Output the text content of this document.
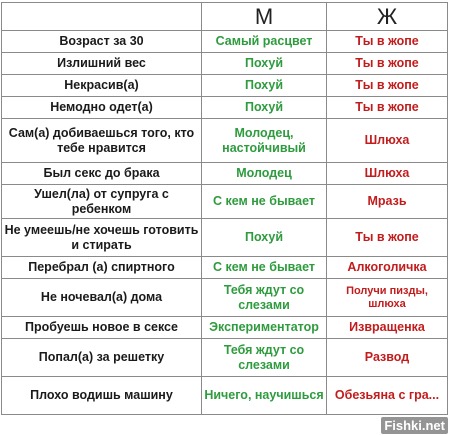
	М	Ж
Возраст за 30	Самый расцвет	Ты в жопе
Излишний вес	Похуй	Ты в жопе
Некрасив(а)	Похуй	Ты в жопе
Немодно одет(а)	Похуй	Ты в жопе
Сам(а) добиваешься того, кто тебе нравится	Молодец, настойчивый	Шлюха
Был секс до брака	Молодец	Шлюха
Ушел(ла) от супруга с ребенком	С кем не бывает	Мразь
Не умеешь/не хочешь готовить и стирать	Похуй	Ты в жопе
Перебрал (а) спиртного	С кем не бывает	Алкоголичка
Не ночевал(а) дома	Тебя ждут со слезами	Получи пизды, шлюха
Пробуешь новое в сексе	Экспериментатор	Извращенка
Попал(а) за решетку	Тебя ждут со слезами	Развод
Плохо водишь машину	Ничего, научишься	Обезьяна с гра...
Fishki.net
